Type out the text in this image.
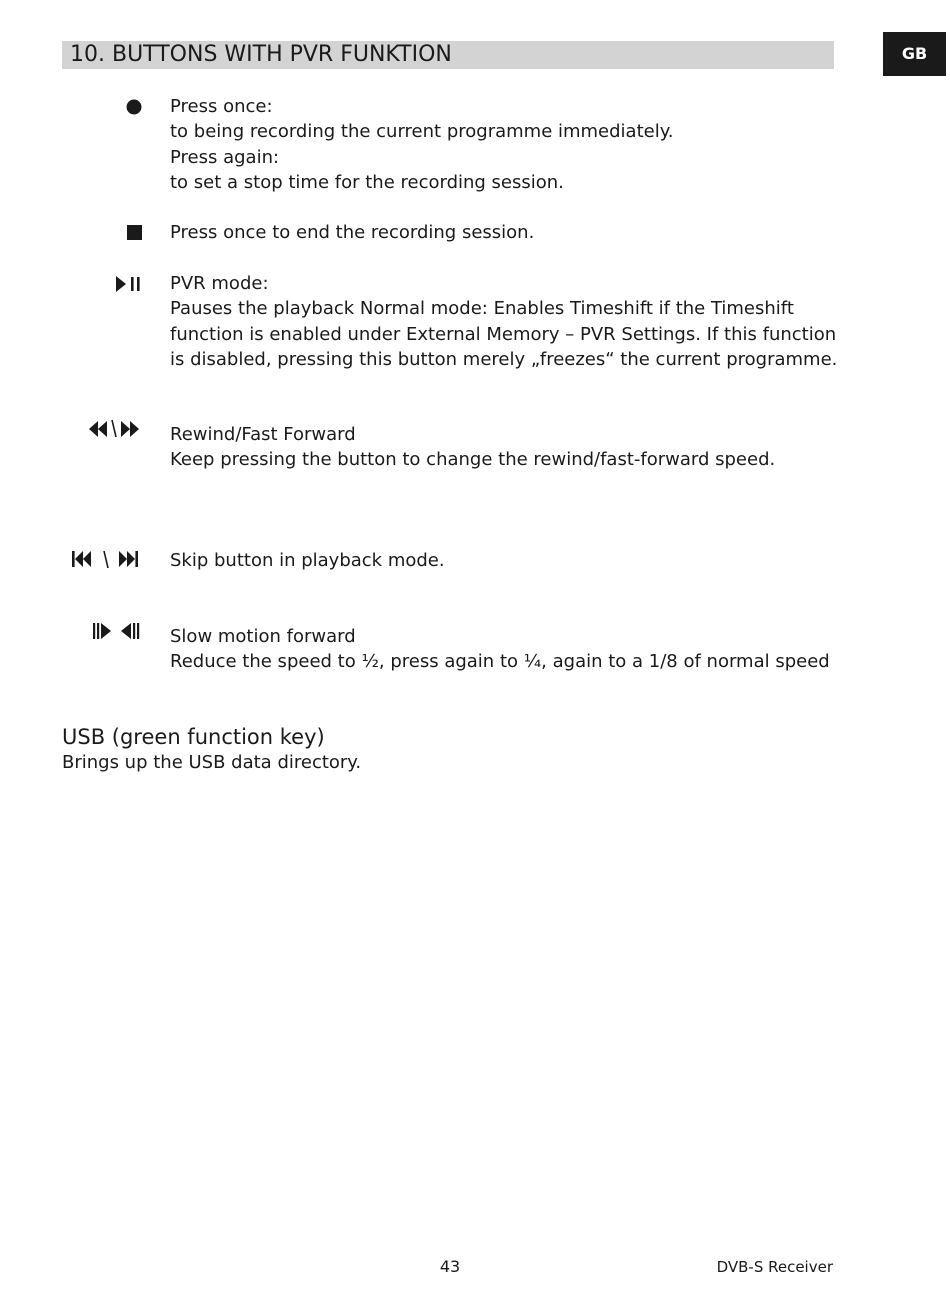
10. BUTTONS WITH PVR FUNKTION	GB
Press once:
to being recording the current programme immediately.
Press again:
to set a stop time for the recording session.
Press once to end the recording session.
PVR mode:
Pauses the playback Normal mode: Enables Timeshift if the Timeshift
function is enabled under External Memory – PVR Settings. If this function
is disabled, pressing this button merely „freezes“ the current programme.
Rewind/Fast Forward
Keep pressing the button to change the rewind/fast-forward speed.
Skip button in playback mode.
Slow motion forward
Reduce the speed to ½, press again to ¼, again to a 1/8 of normal speed
USB (green function key)
Brings up the USB data directory.
43	DVB-S Receiver
